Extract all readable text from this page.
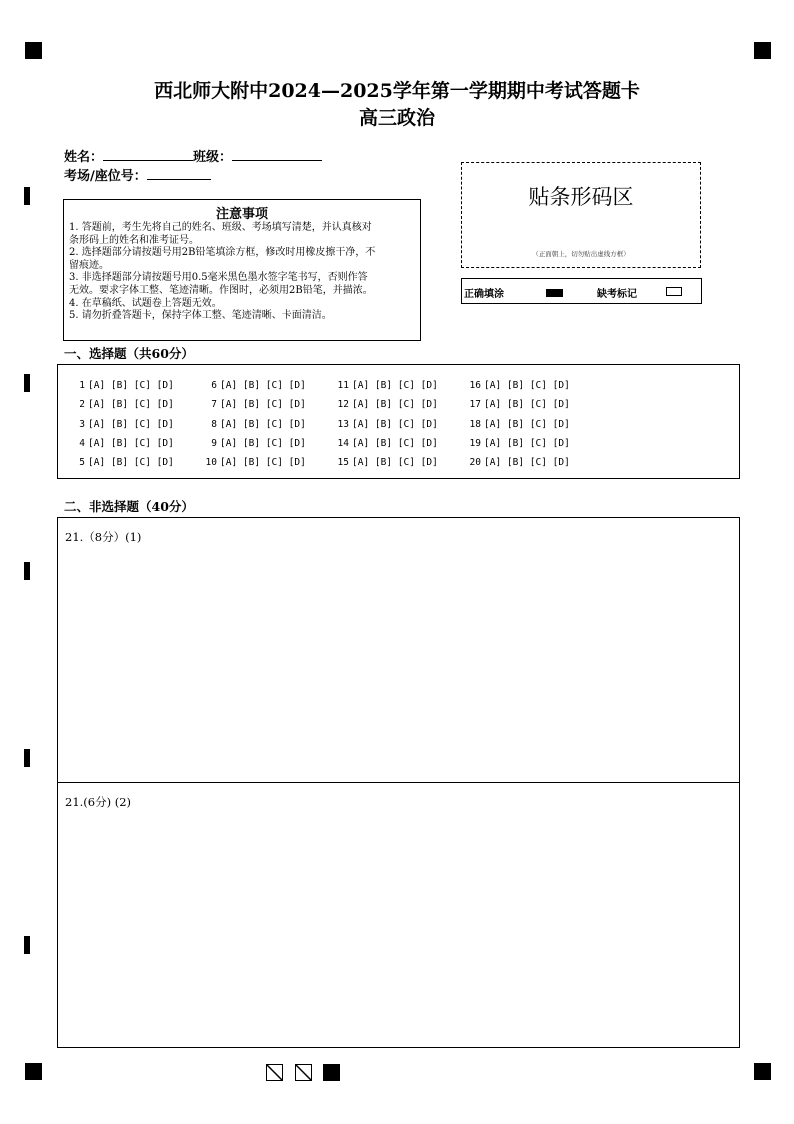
西北师大附中2024—2025学年第一学期期中考试答题卡
高三政治
姓名：	班级：
考场/座位号：
注意事项
1. 答题前，考生先将自己的姓名、班级、考场填写清楚，并认真核对
条形码上的姓名和准考证号。
2. 选择题部分请按题号用2B铅笔填涂方框，修改时用橡皮擦干净，不
留痕迹。
3. 非选择题部分请按题号用0.5毫米黑色墨水签字笔书写，否则作答
无效。要求字体工整、笔迹清晰。作图时，必须用2B铅笔，并描浓。
4. 在草稿纸、试题卷上答题无效。
5. 请勿折叠答题卡，保持字体工整、笔迹清晰、卡面清洁。
贴条形码区
（正面朝上，切勿贴出虚线方框）
正确填涂	缺考标记
一、选择题（共60分）
1 [A] [B] [C] [D]
2 [A] [B] [C] [D]
3 [A] [B] [C] [D]
4 [A] [B] [C] [D]
5 [A] [B] [C] [D]
6 [A] [B] [C] [D]
7 [A] [B] [C] [D]
8 [A] [B] [C] [D]
9 [A] [B] [C] [D]
10 [A] [B] [C] [D]
11 [A] [B] [C] [D]
12 [A] [B] [C] [D]
13 [A] [B] [C] [D]
14 [A] [B] [C] [D]
15 [A] [B] [C] [D]
16 [A] [B] [C] [D]
17 [A] [B] [C] [D]
18 [A] [B] [C] [D]
19 [A] [B] [C] [D]
20 [A] [B] [C] [D]
二、非选择题（40分）
21.（8分）(1)
21.(6分) (2)
